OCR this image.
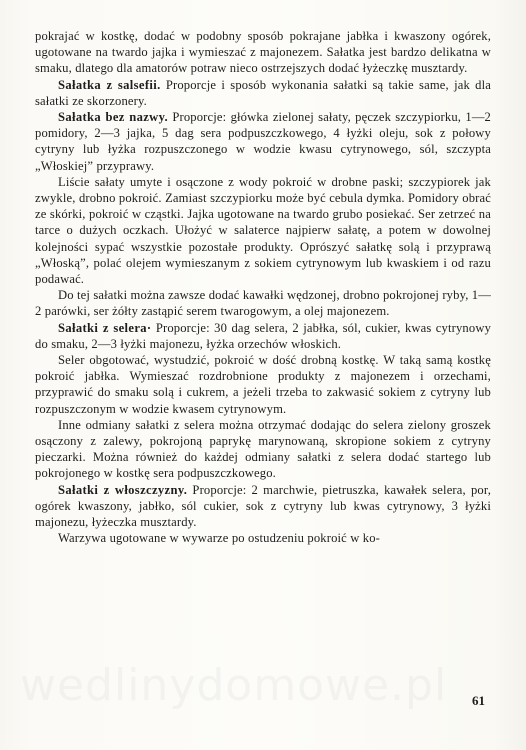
wedlinydomowe.pl

pokrajać w kostkę, dodać w podobny sposób pokrajane jabłka i kwaszony ogórek, ugotowane na twardo jajka i wymieszać z majonezem. Sałatka jest bardzo delikatna w smaku, dlatego dla amatorów potraw nieco ostrzejszych dodać łyżeczkę musztardy.

Sałatka z salsefii. Proporcje i sposób wykonania sałatki są takie same, jak dla sałatki ze skorzonery.

Sałatka bez nazwy. Proporcje: główka zielonej sałaty, pęczek szczypiorku, 1—2 pomidory, 2—3 jajka, 5 dag sera podpuszczkowego, 4 łyżki oleju, sok z połowy cytryny lub łyżka rozpuszczonego w wodzie kwasu cytrynowego, sól, szczypta „Włoskiej” przyprawy.

Liście sałaty umyte i osączone z wody pokroić w drobne paski; szczypiorek jak zwykle, drobno pokroić. Zamiast szczypiorku może być cebula dymka. Pomidory obrać ze skórki, pokroić w cząstki. Jajka ugotowane na twardo grubo posiekać. Ser zetrzeć na tarce o dużych oczkach. Ułożyć w salaterce najpierw sałatę, a potem w dowolnej kolejności sypać wszystkie pozostałe produkty. Oprószyć sałatkę solą i przyprawą „Włoską”, polać olejem wymieszanym z sokiem cytrynowym lub kwaskiem i od razu podawać.

Do tej sałatki można zawsze dodać kawałki wędzonej, drobno pokrojonej ryby, 1—2 parówki, ser żółty zastąpić serem twarogowym, a olej majonezem.

Sałatki z selera· Proporcje: 30 dag selera, 2 jabłka, sól, cukier, kwas cytrynowy do smaku, 2—3 łyżki majonezu, łyżka orzechów włoskich.

Seler obgotować, wystudzić, pokroić w dość drobną kostkę. W taką samą kostkę pokroić jabłka. Wymieszać rozdrobnione produkty z majonezem i orzechami, przyprawić do smaku solą i cukrem, a jeżeli trzeba to zakwasić sokiem z cytryny lub rozpuszczonym w wodzie kwasem cytrynowym.

Inne odmiany sałatki z selera można otrzymać dodając do selera zielony groszek osączony z zalewy, pokrojoną paprykę marynowaną, skropione sokiem z cytryny pieczarki. Można również do każdej odmiany sałatki z selera dodać startego lub pokrojonego w kostkę sera podpuszczkowego.

Sałatki z włoszczyzny. Proporcje: 2 marchwie, pietruszka, kawałek selera, por, ogórek kwaszony, jabłko, sól cukier, sok z cytryny lub kwas cytrynowy, 3 łyżki majonezu, łyżeczka musztardy.

Warzywa ugotowane w wywarze po ostudzeniu pokroić w ko-

61
